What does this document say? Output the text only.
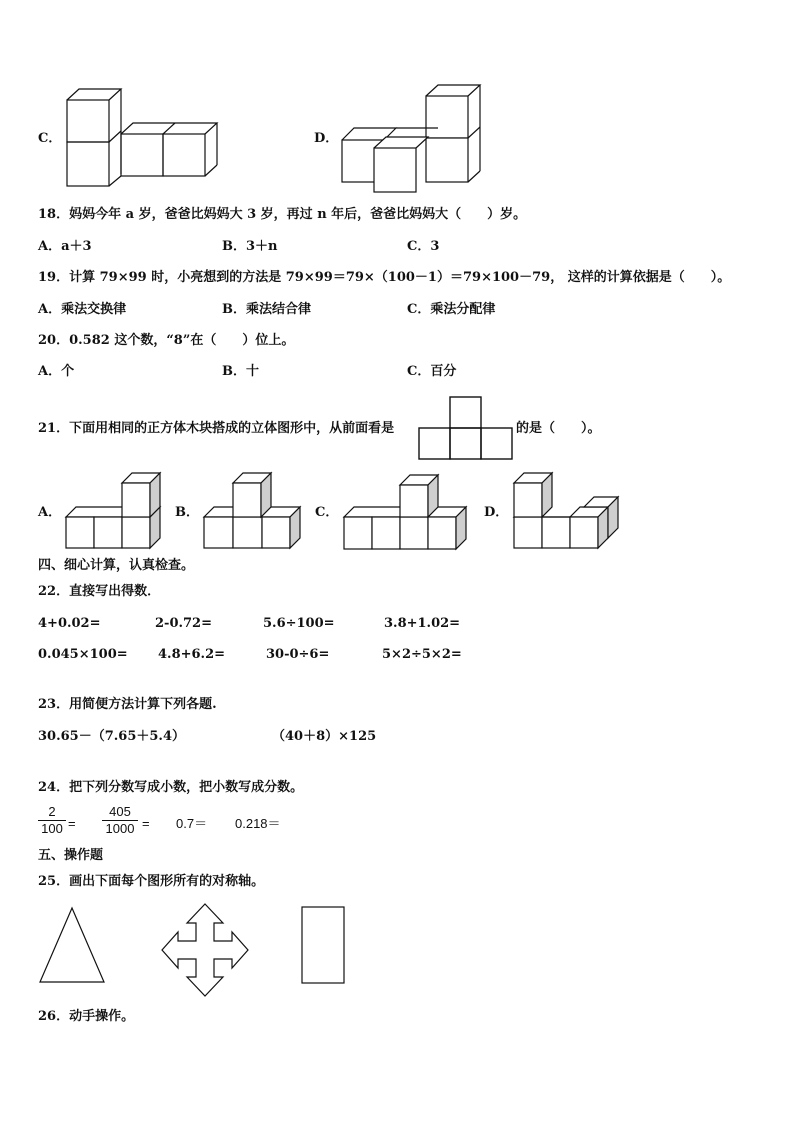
C．	D．
18．妈妈今年 a 岁，爸爸比妈妈大 3 岁，再过 n 年后，爸爸比妈妈大（　　）岁。
A．a＋3	B．3＋n	C．3
19．计算 79×99 时，小亮想到的方法是 79×99＝79×（100－1）＝79×100－79， 这样的计算依据是（　　）。
A．乘法交换律	B．乘法结合律	C．乘法分配律
20．0.582 这个数，“8”在（　　）位上。
A．个	B．十	C．百分
21．下面用相同的正方体木块搭成的立体图形中，从前面看是	的是（　　）。
A．	B．	C．	D．
四、细心计算，认真检查。
22．直接写出得数．
4+0.02=	2-0.72=	5.6÷100=	3.8+1.02=
0.045×100= 4.8+6.2=	30-0÷6=	5×2÷5×2=
23．用简便方法计算下列各题.
30.65－（7.65＋5.4）	（40＋8）×125
24．把下列分数写成小数，把小数写成分数。
$\frac{2}{100} = \frac{405}{1000} = 0.7= 0.218=$
五、操作题
25．画出下面每个图形所有的对称轴。
26．动手操作。
